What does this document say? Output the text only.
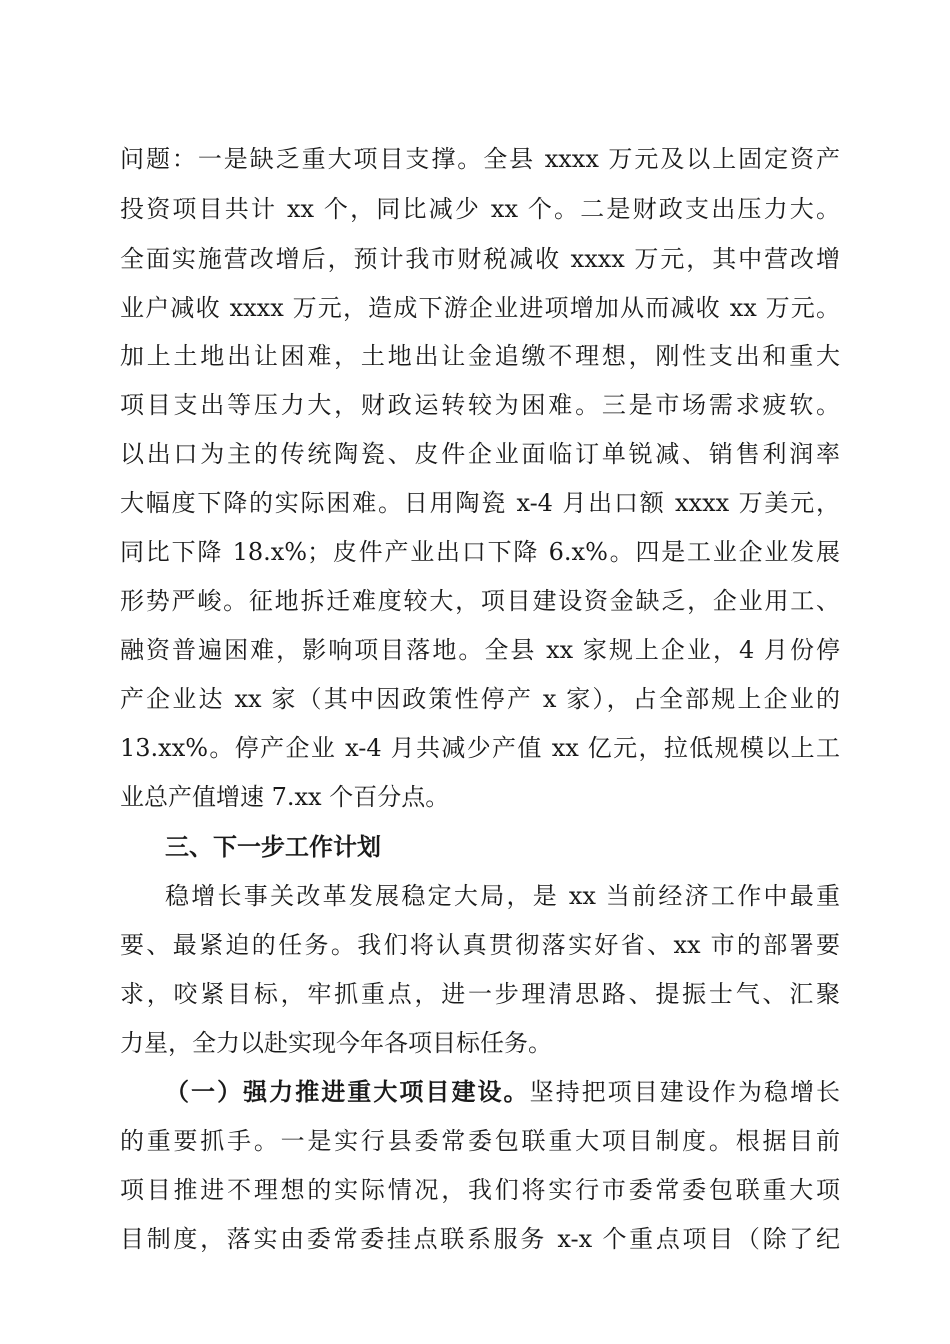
问题：一是缺乏重大项目支撑。全县 xxxx 万元及以上固定资产
投资项目共计 xx 个，同比减少 xx 个。二是财政支出压力大。
全面实施营改增后，预计我市财税减收 xxxx 万元，其中营改增
业户减收 xxxx 万元，造成下游企业进项增加从而减收 xx 万元。
加上土地出让困难，土地出让金追缴不理想，刚性支出和重大
项目支出等压力大，财政运转较为困难。三是市场需求疲软。
以出口为主的传统陶瓷、皮件企业面临订单锐减、销售利润率
大幅度下降的实际困难。日用陶瓷 x-4 月出口额 xxxx 万美元，
同比下降 18.x%；皮件产业出口下降 6.x%。四是工业企业发展
形势严峻。征地拆迁难度较大，项目建设资金缺乏，企业用工、
融资普遍困难，影响项目落地。全县 xx 家规上企业，4 月份停
产企业达 xx 家（其中因政策性停产 x 家），占全部规上企业的
13.xx%。停产企业 x-4 月共减少产值 xx 亿元，拉低规模以上工
业总产值增速 7.xx 个百分点。
三、下一步工作计划
稳增长事关改革发展稳定大局，是 xx 当前经济工作中最重
要、最紧迫的任务。我们将认真贯彻落实好省、xx 市的部署要
求，咬紧目标，牢抓重点，进一步理清思路、提振士气、汇聚
力星，全力以赴实现今年各项目标任务。
（一）强力推进重大项目建设。坚持把项目建设作为稳增长
的重要抓手。一是实行县委常委包联重大项目制度。根据目前
项目推进不理想的实际情况，我们将实行市委常委包联重大项
目制度，落实由委常委挂点联系服务 x-x 个重点项目（除了纪
